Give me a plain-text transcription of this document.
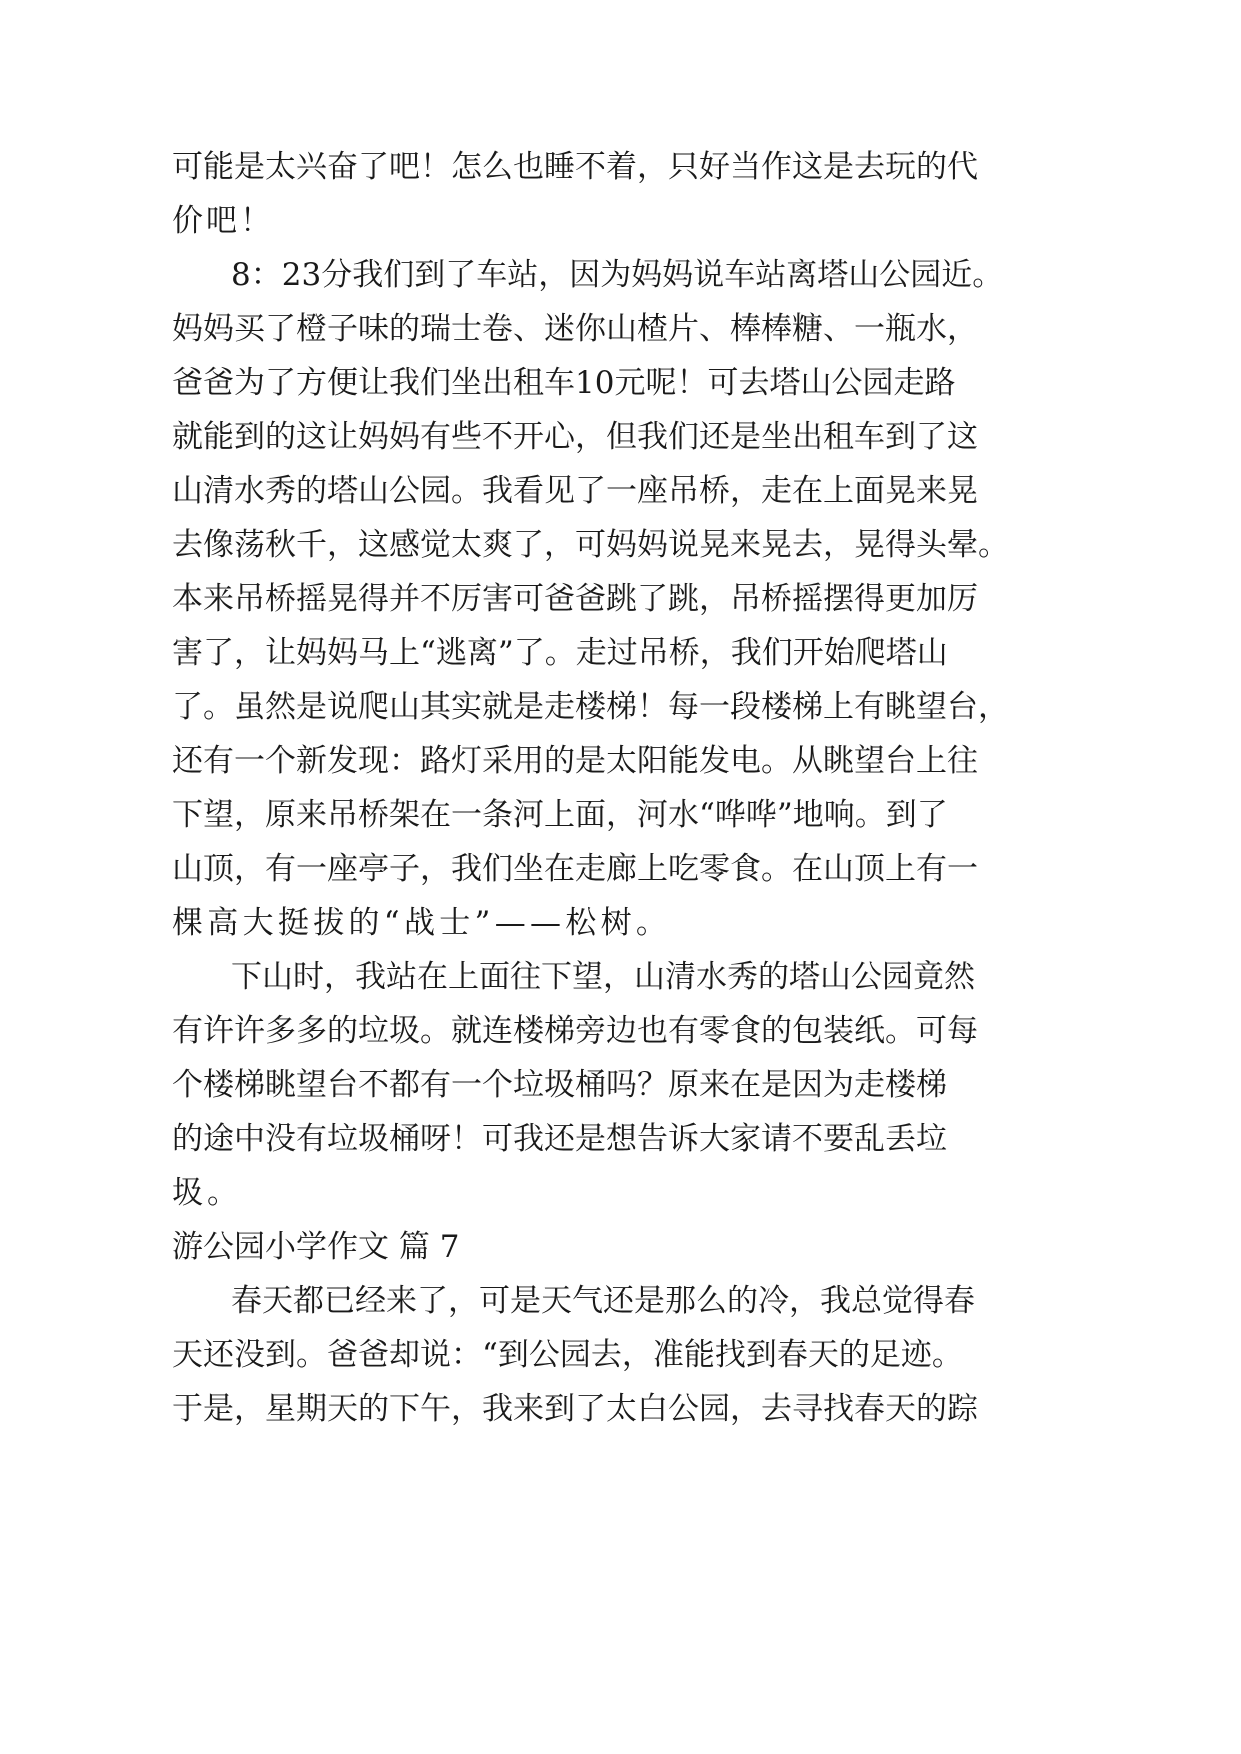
可 能 是 太 兴 奋 了 吧 ！ 怎 么 也 睡 不 着 ， 只 好 当 作 这 是 去 玩 的 代
价 吧 ！
8 ： 2 3 分 我 们 到 了 车 站 ， 因 为 妈 妈 说 车 站 离 塔 山 公 园 近 。
妈 妈 买 了 橙 子 味 的 瑞 士 卷 、 迷 你 山 楂 片 、 棒 棒 糖 、 一 瓶 水 ，
爸 爸 为 了 方 便 让 我 们 坐 出 租 车 1 0 元 呢 ！ 可 去 塔 山 公 园 走 路
就 能 到 的 这 让 妈 妈 有 些 不 开 心 ， 但 我 们 还 是 坐 出 租 车 到 了 这
山 清 水 秀 的 塔 山 公 园 。 我 看 见 了 一 座 吊 桥 ， 走 在 上 面 晃 来 晃
去 像 荡 秋 千 ， 这 感 觉 太 爽 了 ， 可 妈 妈 说 晃 来 晃 去 ， 晃 得 头 晕 。
本 来 吊 桥 摇 晃 得 并 不 厉 害 可 爸 爸 跳 了 跳 ， 吊 桥 摇 摆 得 更 加 厉
害 了 ， 让 妈 妈 马 上 “ 逃 离 ” 了 。 走 过 吊 桥 ， 我 们 开 始 爬 塔 山
了 。 虽 然 是 说 爬 山 其 实 就 是 走 楼 梯 ！ 每 一 段 楼 梯 上 有 眺 望 台 ，
还 有 一 个 新 发 现 ： 路 灯 采 用 的 是 太 阳 能 发 电 。 从 眺 望 台 上 往
下 望 ， 原 来 吊 桥 架 在 一 条 河 上 面 ， 河 水 “ 哗 哗 ” 地 响 。 到 了
山 顶 ， 有 一 座 亭 子 ， 我 们 坐 在 走 廊 上 吃 零 食 。 在 山 顶 上 有 一
棵 高 大 挺 拔 的 “ 战 士 ” — — 松 树 。
下 山 时 ， 我 站 在 上 面 往 下 望 ， 山 清 水 秀 的 塔 山 公 园 竟 然
有 许 许 多 多 的 垃 圾 。 就 连 楼 梯 旁 边 也 有 零 食 的 包 装 纸 。 可 每
个 楼 梯 眺 望 台 不 都 有 一 个 垃 圾 桶 吗 ？ 原 来 在 是 因 为 走 楼 梯
的 途 中 没 有 垃 圾 桶 呀 ！ 可 我 还 是 想 告 诉 大 家 请 不 要 乱 丢 垃
圾 。
游公园小学作文 篇 7
春 天 都 已 经 来 了 ， 可 是 天 气 还 是 那 么 的 冷 ， 我 总 觉 得 春
天 还 没 到 。 爸 爸 却 说 ： “ 到 公 园 去 ， 准 能 找 到 春 天 的 足 迹 。
于 是 ， 星 期 天 的 下 午 ， 我 来 到 了 太 白 公 园 ， 去 寻 找 春 天 的 踪
